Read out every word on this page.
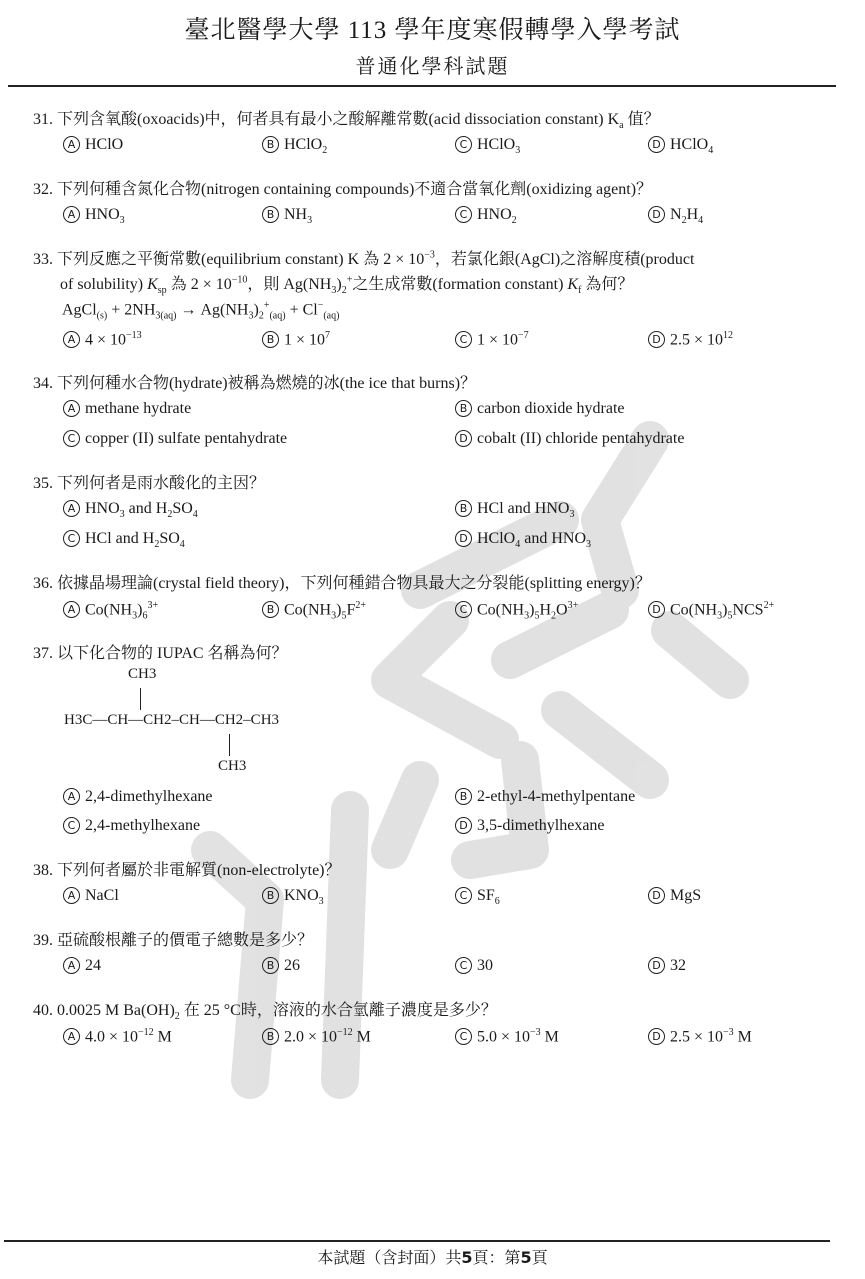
臺北醫學大學 113 學年度寒假轉學入學考試
普通化學科試題
31. 下列含氧酸(oxoacids)中，何者具有最小之酸解離常數(acid dissociation constant) $K_a$ 值？
A HClO	B HClO$_2$	C HClO$_3$	D HClO$_4$
32. 下列何種含氮化合物(nitrogen containing compounds)不適合當氧化劑(oxidizing agent)？
A $HNO_3$	B $NH_3$	C $HNO_2$	D $N_2H_4$
33. 下列反應之平衡常數(equilibrium constant) K 為 $2 \times 10^{-3}$，若氯化銀(AgCl)之溶解度積(product
of solubility) $K_{sp}$ 為 $2 \times 10^{-10}$，則 $Ag(NH_3)_2^+$之生成常數(formation constant) $K_f$ 為何？
AgCl$_{(s)}$ + $2NH_{3(aq)} \to Ag(NH_3)_2^+_{(aq)} + Cl^-_{(aq)}$
A $4 \times 10^{-13}$	B $1 \times 10^7$	C $1 \times 10^{-7}$	D $2.5 \times 10^{12}$
34. 下列何種水合物(hydrate)被稱為燃燒的冰(the ice that burns)？
A methane hydrate	B carbon dioxide hydrate
C copper (II) sulfate pentahydrate	D cobalt (II) chloride pentahydrate
35. 下列何者是雨水酸化的主因？
A $HNO_3$ and $H_2SO_4$	B HCl and $HNO_3$
C HCl and $H_2SO_4$	D HClO$_4$ and $HNO_3$
36. 依據晶場理論(crystal field theory)，下列何種錯合物具最大之分裂能(splitting energy)？
A $Co(NH_3)_6^{3+}$	B $Co(NH_3)_5F^{2+}$	C $Co(NH_3)_5H_2O^{3+}$	D $Co(NH_3)_5NCS^{2+}$
37. 以下化合物的 IUPAC 名稱為何？
CH3
H3C—CH—CH2–CH—CH2–CH3
CH3
A 2,4-dimethylhexane	B 2-ethyl-4-methylpentane
C 2,4-methylhexane	D 3,5-dimethylhexane
38. 下列何者屬於非電解質(non-electrolyte)？
A NaCl	B $KNO_3$	C $SF_6$	D MgS
39. 亞硫酸根離子的價電子總數是多少？
A 24	B 26	C 30	D 32
40. 0.0025 M $Ba(OH)_2$ 在 25 °C時，溶液的水合氫離子濃度是多少？
A $4.0 \times 10^{-12}$ M	B $2.0 \times 10^{-12}$ M	C $5.0 \times 10^{-3}$ M	D $2.5 \times 10^{-3}$ M
本試題（含封面）共5頁：第5頁
